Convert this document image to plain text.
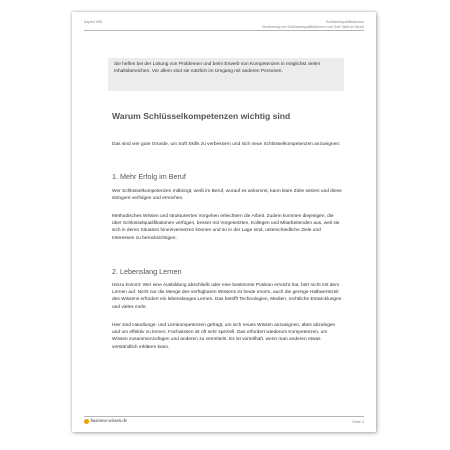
Kapitel 005	Schlüsselqualifikationen
Bedeutung von Schlüsselqualifikationen und Soft Skills im Beruf
Sie helfen bei der Lösung von Problemen und beim Erwerb von Kompetenzen in möglichst vielen Inhaltsbereichen. Vor allem sind sie nützlich im Umgang mit anderen Personen.
Warum Schlüsselkompetenzen wichtig sind

Das sind vier gute Gründe, um Soft Skills zu verbessern und sich neue Schlüsselkompetenzen anzueignen:

1. Mehr Erfolg im Beruf

Wer Schlüsselkompetenzen mitbringt, weiß im Beruf, worauf es ankommt, kann klare Ziele setzen und diese stringent verfolgen und erreichen.

Methodisches Wissen und strukturiertes Vorgehen erleichtern die Arbeit. Zudem kommen diejenigen, die über Schlüsselqualifikationen verfügen, besser mit Vorgesetzten, Kollegen und Mitarbeitenden aus, weil sie sich in deren Situation hineinversetzen können und so in der Lage sind, unterschiedliche Ziele und Interessen zu berücksichtigen.

2. Lebenslang Lernen

Hinzu kommt: Wer eine Ausbildung abschließt oder eine bestimmte Position erreicht hat, hört nicht mit dem Lernen auf. Nicht nur die Menge des verfügbaren Wissens ist heute enorm, auch die geringe Halbwertszeit des Wissens erfordert ein lebenslanges Lernen. Das betrifft Technologien, Medien, rechtliche Entwicklungen und vieles mehr.

Hier sind Handlungs- und Lernkompetenzen gefragt, um sich neues Wissen anzueignen, altes abzulegen und um effektiv zu lernen. Fachwissen ist oft sehr speziell. Das erfordert wiederum Kompetenzen, um Wissen zusammenzufügen und anderen zu vermitteln. Es ist vorteilhaft, wenn man anderen etwas verständlich erklären kann.

business-wissen.de	Seite 4
